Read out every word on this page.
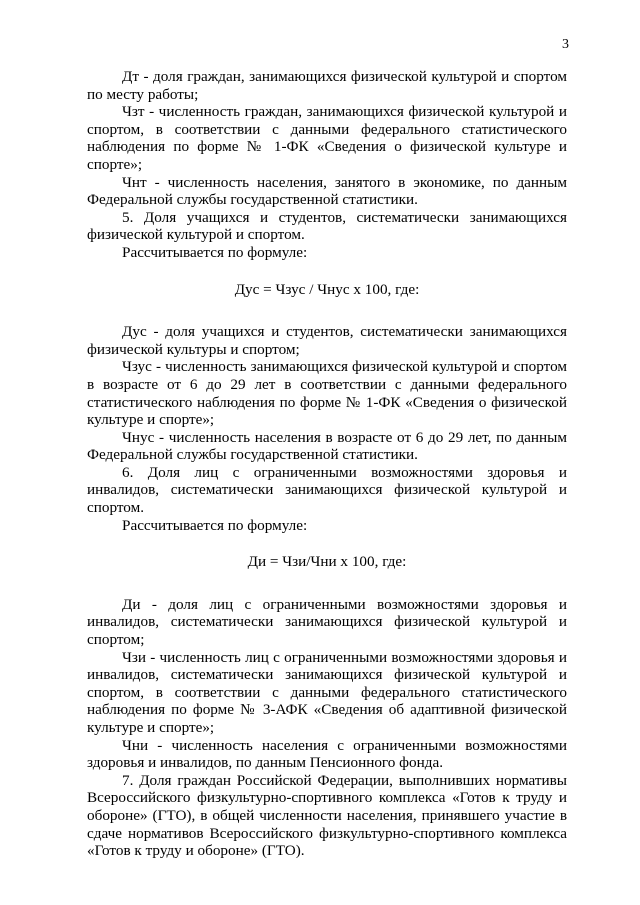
3

Дт - доля граждан, занимающихся физической культурой и спортом по месту работы;

Чзт - численность граждан, занимающихся физической культурой и спортом, в соответствии с данными федерального статистического наблюдения по форме № 1-ФК «Сведения о физической культуре и спорте»;

Чнт - численность населения, занятого в экономике, по данным Федеральной службы государственной статистики.

5. Доля учащихся и студентов, систематически занимающихся физической культурой и спортом.

Рассчитывается по формуле:

Дус = Чзус / Чнус x 100, где:

Дус - доля учащихся и студентов, систематически занимающихся физической культуры и спортом;

Чзус - численность занимающихся физической культурой и спортом в возрасте от 6 до 29 лет в соответствии с данными федерального статистического наблюдения по форме № 1-ФК «Сведения о физической культуре и спорте»;

Чнус - численность населения в возрасте от 6 до 29 лет, по данным Федеральной службы государственной статистики.

6. Доля лиц с ограниченными возможностями здоровья и инвалидов, систематически занимающихся физической культурой и спортом.

Рассчитывается по формуле:

Ди = Чзи/Чни x 100, где:

Ди - доля лиц с ограниченными возможностями здоровья и инвалидов, систематически занимающихся физической культурой и спортом;

Чзи - численность лиц с ограниченными возможностями здоровья и инвалидов, систематически занимающихся физической культурой и спортом, в соответствии с данными федерального статистического наблюдения по форме № 3-АФК «Сведения об адаптивной физической культуре и спорте»;

Чни - численность населения с ограниченными возможностями здоровья и инвалидов, по данным Пенсионного фонда.

7. Доля граждан Российской Федерации, выполнивших нормативы Всероссийского физкультурно-спортивного комплекса «Готов к труду и обороне» (ГТО), в общей численности населения, принявшего участие в сдаче нормативов Всероссийского физкультурно-спортивного комплекса «Готов к труду и обороне» (ГТО).
